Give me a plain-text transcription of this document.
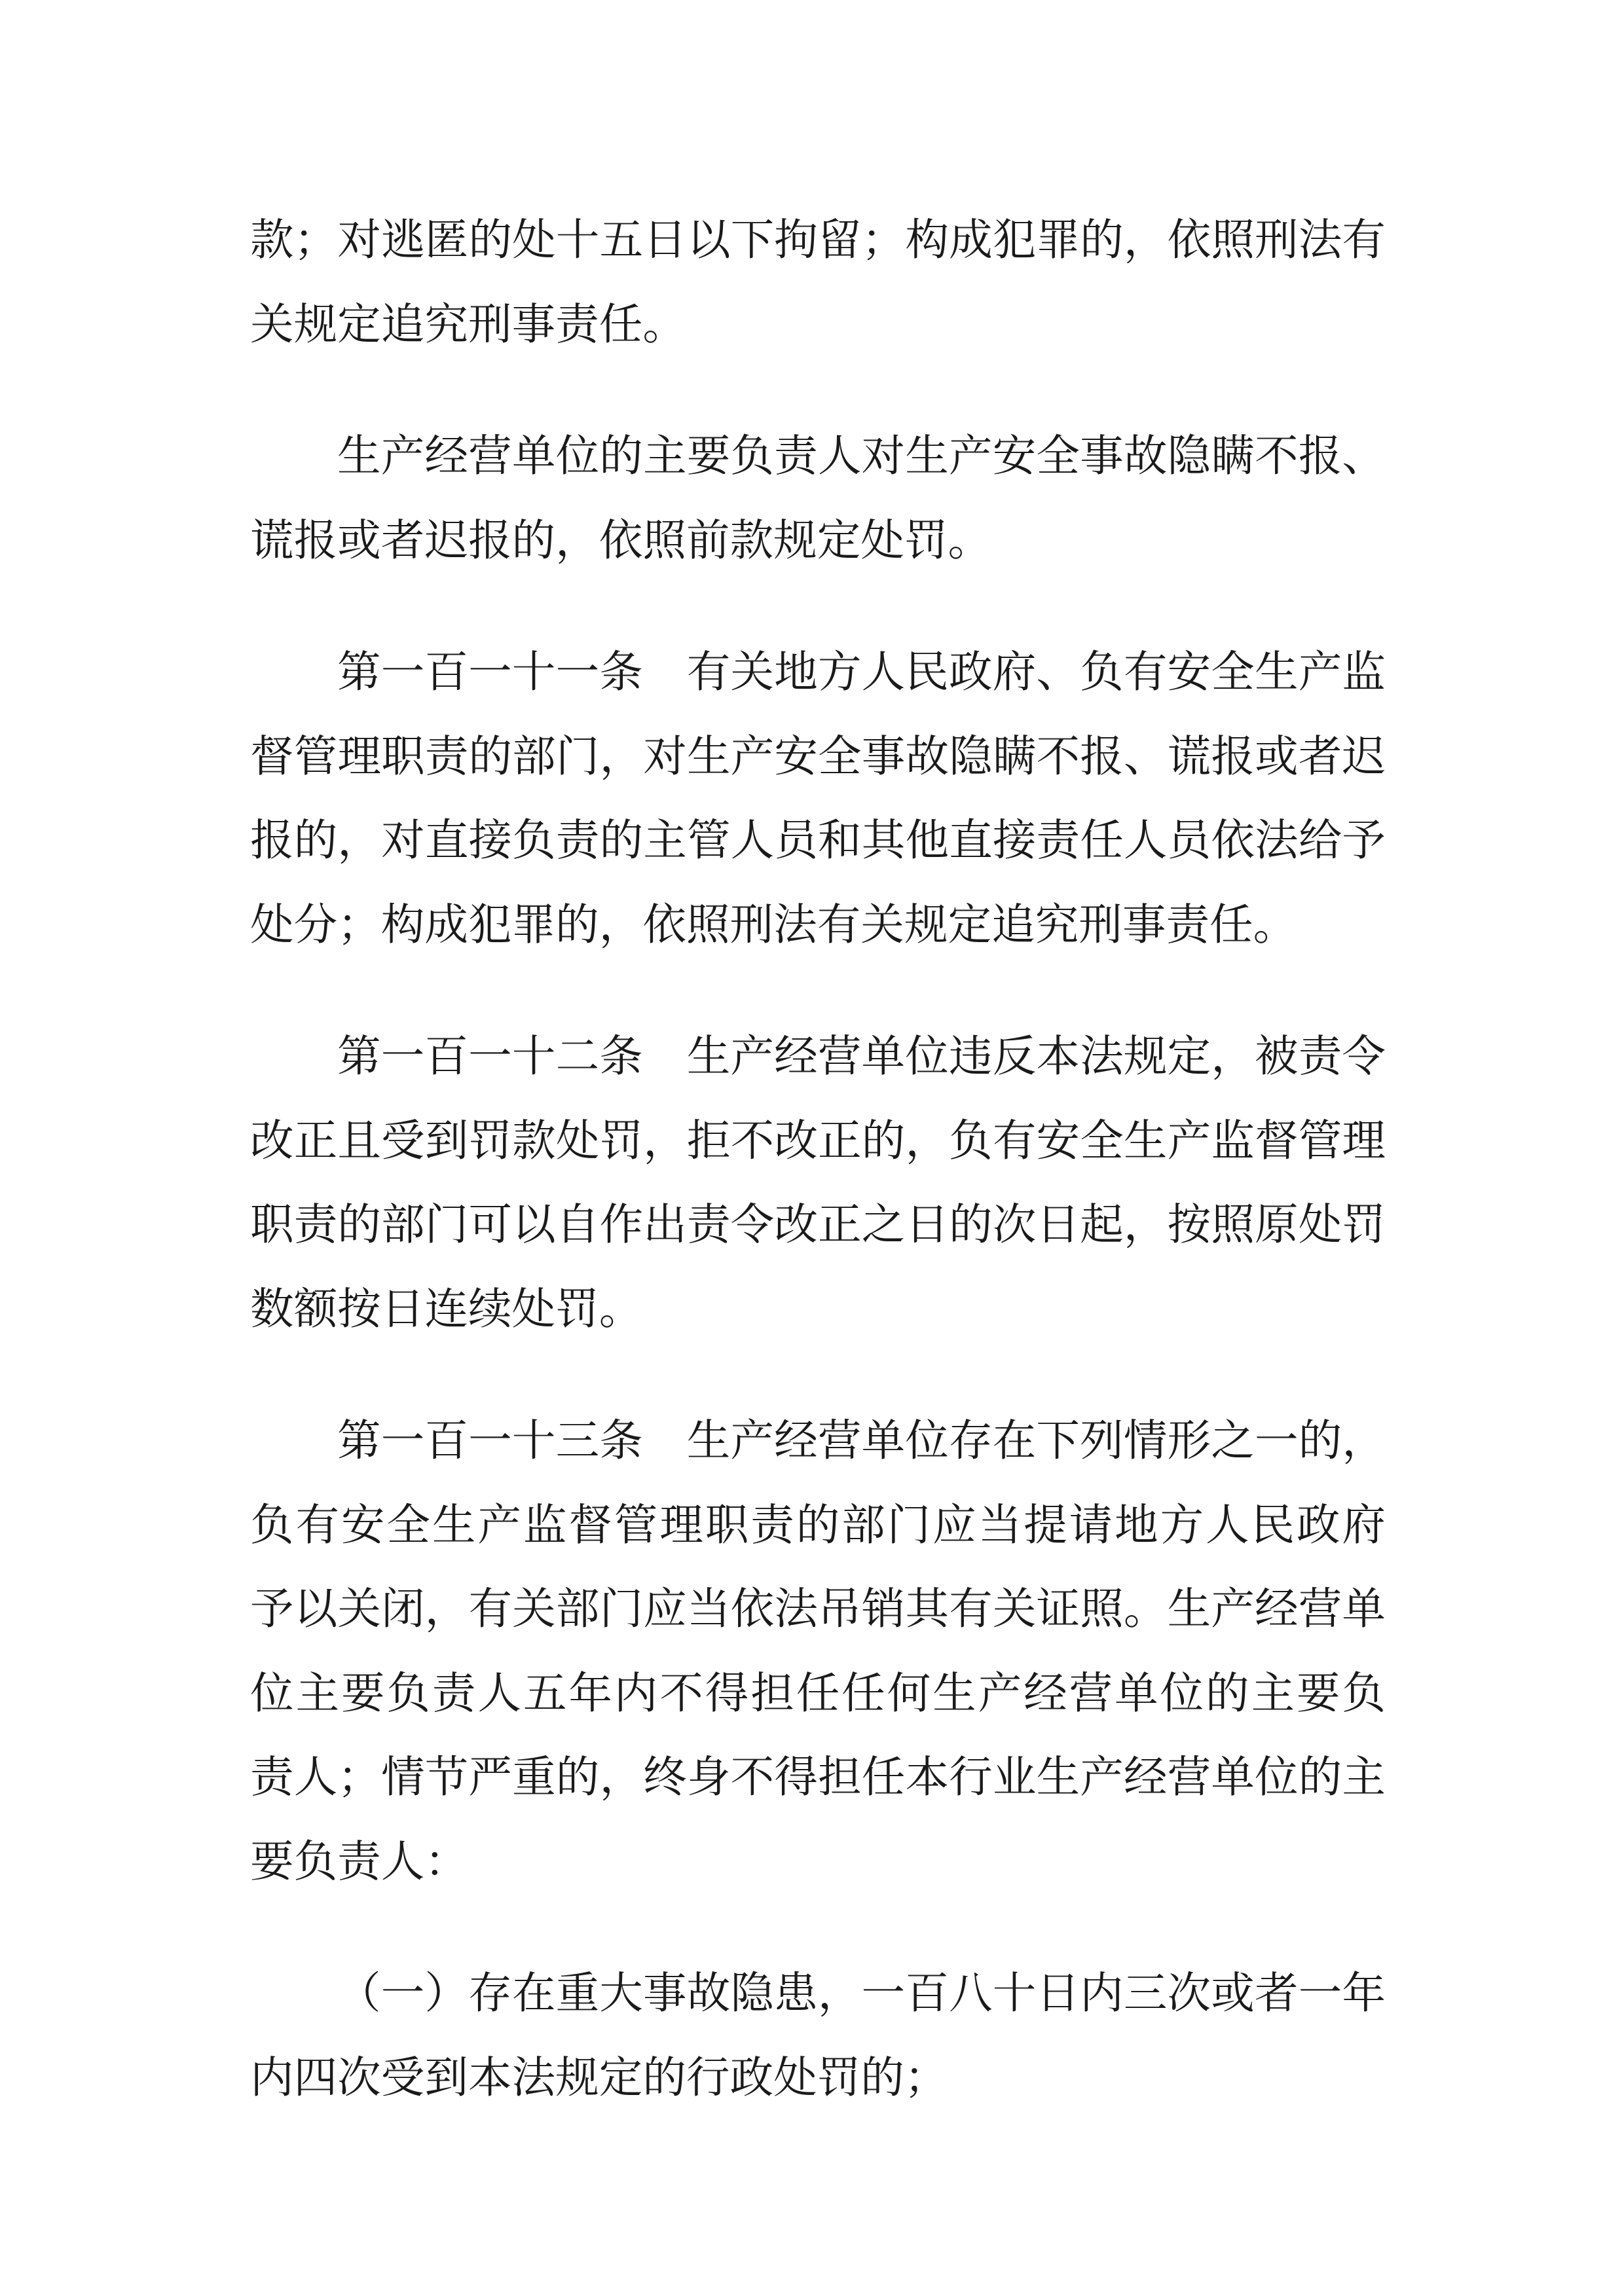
款；对逃匿的处十五日以下拘留；构成犯罪的，依照刑法有
关规定追究刑事责任。
生产经营单位的主要负责人对生产安全事故隐瞒不报、
谎报或者迟报的，依照前款规定处罚。
第一百一十一条　有关地方人民政府、负有安全生产监
督管理职责的部门，对生产安全事故隐瞒不报、谎报或者迟
报的，对直接负责的主管人员和其他直接责任人员依法给予
处分；构成犯罪的，依照刑法有关规定追究刑事责任。
第一百一十二条　生产经营单位违反本法规定，被责令
改正且受到罚款处罚，拒不改正的，负有安全生产监督管理
职责的部门可以自作出责令改正之日的次日起，按照原处罚
数额按日连续处罚。
第一百一十三条　生产经营单位存在下列情形之一的，
负有安全生产监督管理职责的部门应当提请地方人民政府
予以关闭，有关部门应当依法吊销其有关证照。生产经营单
位主要负责人五年内不得担任任何生产经营单位的主要负
责人；情节严重的，终身不得担任本行业生产经营单位的主
要负责人：
（一）存在重大事故隐患，一百八十日内三次或者一年
内四次受到本法规定的行政处罚的；
